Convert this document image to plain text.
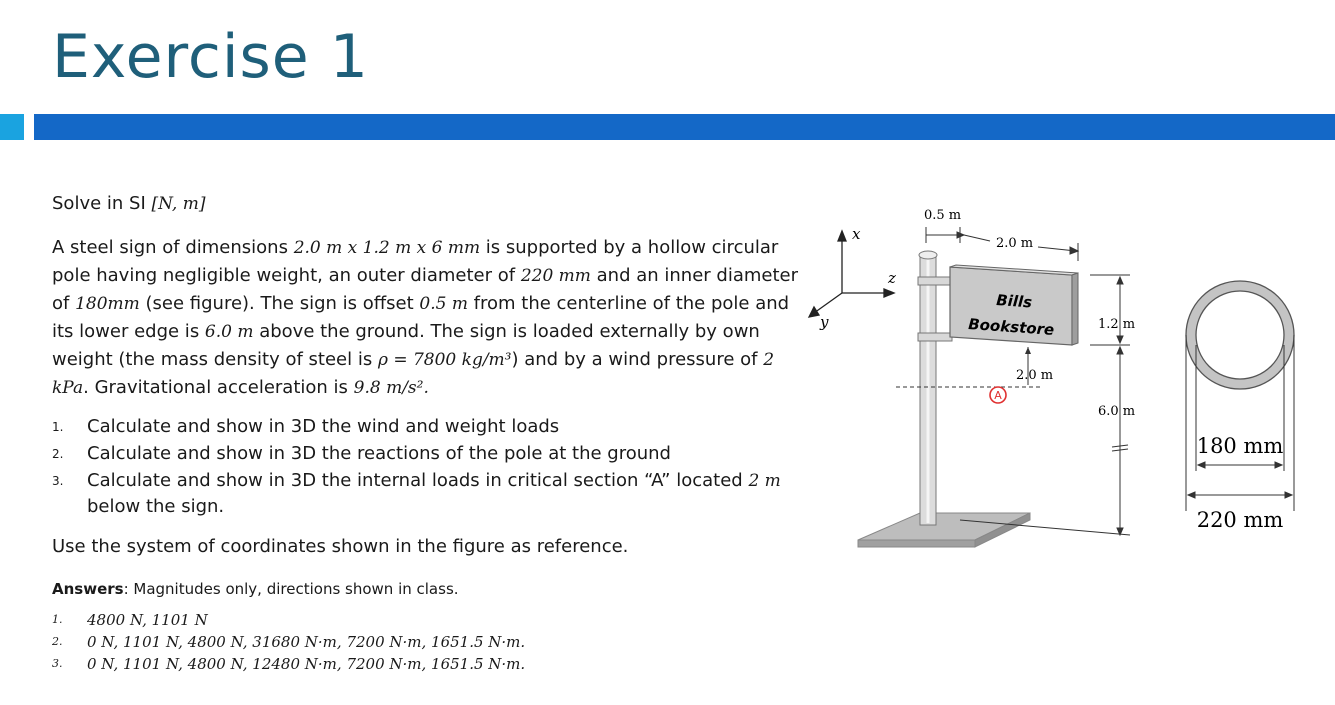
Exercise 1

Solve in SI [N, m]

A steel sign of dimensions 2.0 m x 1.2 m x 6 mm is supported by a hollow circular pole having negligible weight, an outer diameter of 220 mm and an inner diameter of 180mm (see figure). The sign is offset 0.5 m from the centerline of the pole and its lower edge is 6.0 m above the ground. The sign is loaded externally by own weight (the mass density of steel is ρ = 7800 kg/m³) and by a wind pressure of 2 kPa. Gravitational acceleration is 9.8 m/s².

1. Calculate and show in 3D the wind and weight loads
2. Calculate and show in 3D the reactions of the pole at the ground
3. Calculate and show in 3D the internal loads in critical section “A” located 2 m below the sign.

Use the system of coordinates shown in the figure as reference.

Answers: Magnitudes only, directions shown in class.

1. 4800 N, 1101 N
2. 0 N, 1101 N, 4800 N, 31680 N·m, 7200 N·m, 1651.5 N·m.
3. 0 N, 1101 N, 4800 N, 12480 N·m, 7200 N·m, 1651.5 N·m.
x
y
z
Bills
Bookstore
0.5 m
2.0 m
1.2 m
6.0 m
2.0 m
A
180 mm
220 mm
